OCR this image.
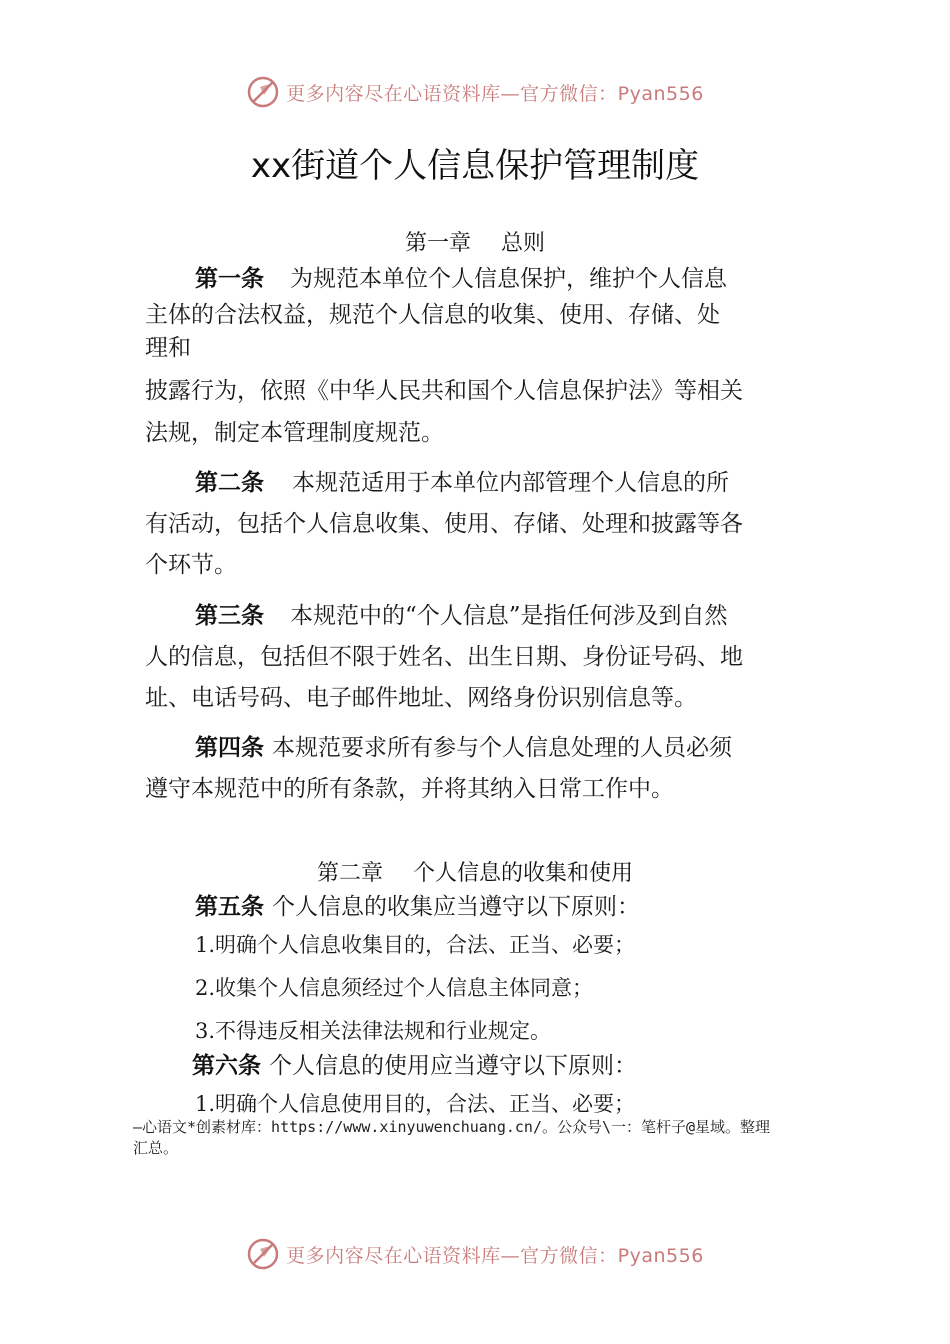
更多内容尽在心语资料库—官方微信：Pyan556
xx街道个人信息保护管理制度
第一章 总则
第一条 为规范本单位个人信息保护，维护个人信息
主体的合法权益，规范个人信息的收集、使用、存储、处
理和
披露行为，依照《中华人民共和国个人信息保护法》等相关
法规，制定本管理制度规范。
第二条 本规范适用于本单位内部管理个人信息的所
有活动，包括个人信息收集、使用、存储、处理和披露等各
个环节。
第三条 本规范中的“个人信息”是指任何涉及到自然
人的信息，包括但不限于姓名、出生日期、身份证号码、地
址、电话号码、电子邮件地址、网络身份识别信息等。
第四条 本规范要求所有参与个人信息处理的人员必须
遵守本规范中的所有条款，并将其纳入日常工作中。
第二章 个人信息的收集和使用
第五条 个人信息的收集应当遵守以下原则：
1.明确个人信息收集目的，合法、正当、必要；
2.收集个人信息须经过个人信息主体同意；
3.不得违反相关法律法规和行业规定。
第六条 个人信息的使用应当遵守以下原则：
1.明确个人信息使用目的，合法、正当、必要；
—心语文*创素材库：https://www.xinyuwenchuang.cn/。公众号\一：笔杆子@星域。整理
汇总。
更多内容尽在心语资料库—官方微信：Pyan556
